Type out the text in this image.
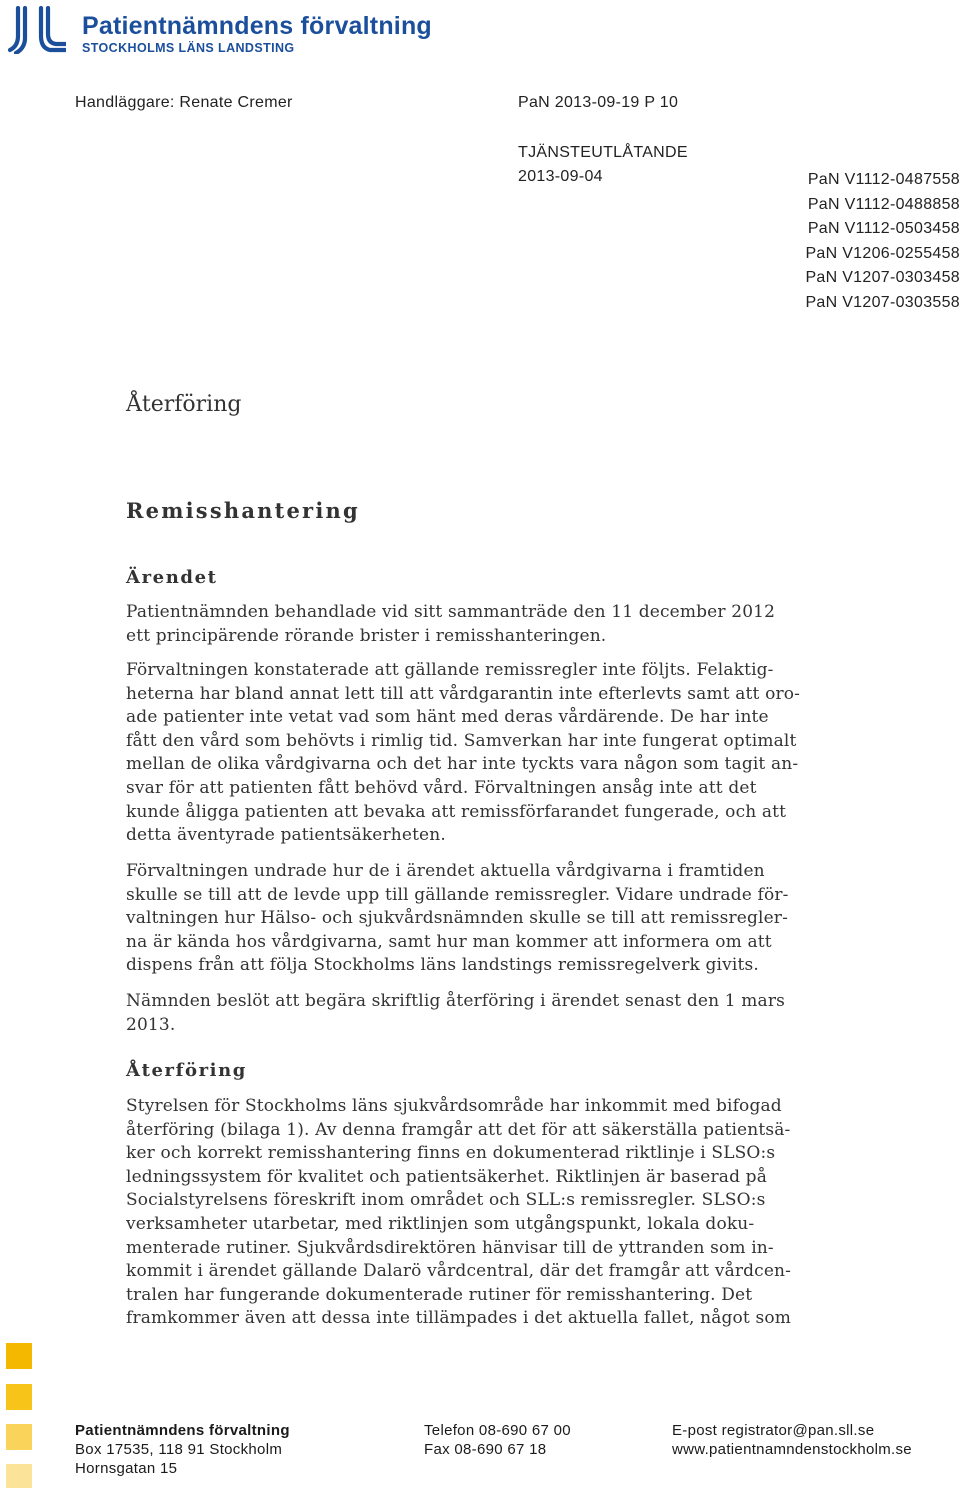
Patientnämndens förvaltning
STOCKHOLMS LÄNS LANDSTING
Handläggare: Renate Cremer	PaN 2013-09-19 P 10
TJÄNSTEUTLÅTANDE
2013-09-04	PaN V1112-0487558
PaN V1112-0488858
PaN V1112-0503458
PaN V1206-0255458
PaN V1207-0303458
PaN V1207-0303558
Återföring
Remisshantering
Ärendet
Patientnämnden behandlade vid sitt sammanträde den 11 december 2012
ett principärende rörande brister i remisshanteringen.
Förvaltningen konstaterade att gällande remissregler inte följts. Felaktig-
heterna har bland annat lett till att vårdgarantin inte efterlevts samt att oro-
ade patienter inte vetat vad som hänt med deras vårdärende. De har inte
fått den vård som behövts i rimlig tid. Samverkan har inte fungerat optimalt
mellan de olika vårdgivarna och det har inte tyckts vara någon som tagit an-
svar för att patienten fått behövd vård. Förvaltningen ansåg inte att det
kunde åligga patienten att bevaka att remissförfarandet fungerade, och att
detta äventyrade patientsäkerheten.
Förvaltningen undrade hur de i ärendet aktuella vårdgivarna i framtiden
skulle se till att de levde upp till gällande remissregler. Vidare undrade för-
valtningen hur Hälso- och sjukvårdsnämnden skulle se till att remissregler-
na är kända hos vårdgivarna, samt hur man kommer att informera om att
dispens från att följa Stockholms läns landstings remissregelverk givits.
Nämnden beslöt att begära skriftlig återföring i ärendet senast den 1 mars
2013.
Återföring
Styrelsen för Stockholms läns sjukvårdsområde har inkommit med bifogad
återföring (bilaga 1). Av denna framgår att det för att säkerställa patientsä-
ker och korrekt remisshantering finns en dokumenterad riktlinje i SLSO:s
ledningssystem för kvalitet och patientsäkerhet. Riktlinjen är baserad på
Socialstyrelsens föreskrift inom området och SLL:s remissregler. SLSO:s
verksamheter utarbetar, med riktlinjen som utgångspunkt, lokala doku-
menterade rutiner. Sjukvårdsdirektören hänvisar till de yttranden som in-
kommit i ärendet gällande Dalarö vårdcentral, där det framgår att vårdcen-
tralen har fungerande dokumenterade rutiner för remisshantering. Det
framkommer även att dessa inte tillämpades i det aktuella fallet, något som
Patientnämndens förvaltning
Box 17535, 118 91 Stockholm
Hornsgatan 15
Telefon 08-690 67 00
Fax 08-690 67 18
E-post registrator@pan.sll.se
www.patientnamndenstockholm.se
